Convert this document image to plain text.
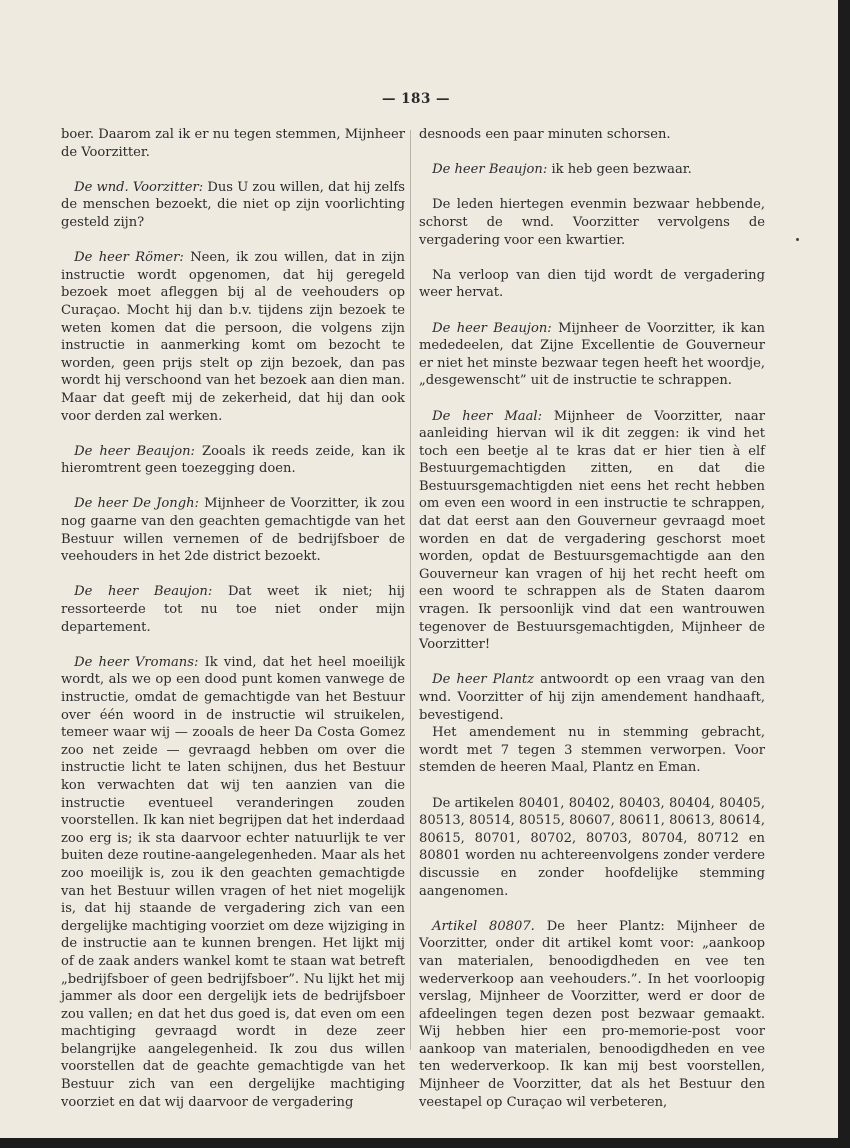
— 183 —

boer. Daarom zal ik er nu tegen stemmen, Mijnheer de Voorzitter.

 De wnd. Voorzitter: Dus U zou willen, dat hij zelfs de menschen bezoekt, die niet op zijn voorlichting gesteld zijn?

 De heer Römer: Neen, ik zou willen, dat in zijn instructie wordt opgenomen, dat hij geregeld bezoek moet afleggen bij al de veehouders op Curaçao. Mocht hij dan b.v. tijdens zijn bezoek te weten komen dat die persoon, die volgens zijn instructie in aanmerking komt om bezocht te worden, geen prijs stelt op zijn bezoek, dan pas wordt hij verschoond van het bezoek aan dien man. Maar dat geeft mij de zekerheid, dat hij dan ook voor derden zal werken.

 De heer Beaujon: Zooals ik reeds zeide, kan ik hieromtrent geen toezegging doen.

 De heer De Jongh: Mijnheer de Voorzitter, ik zou nog gaarne van den geachten gemachtigde van het Bestuur willen vernemen of de bedrijfsboer de veehouders in het 2de district bezoekt.

 De heer Beaujon: Dat weet ik niet; hij ressorteerde tot nu toe niet onder mijn departement.

 De heer Vromans: Ik vind, dat het heel moeilijk wordt, als we op een dood punt komen vanwege de instructie, omdat de gemachtigde van het Bestuur over één woord in de instructie wil struikelen, temeer waar wij — zooals de heer Da Costa Gomez zoo net zeide — gevraagd hebben om over die instructie licht te laten schijnen, dus het Bestuur kon verwachten dat wij ten aanzien van die instructie eventueel veranderingen zouden voorstellen. Ik kan niet begrijpen dat het inderdaad zoo erg is; ik sta daarvoor echter natuurlijk te ver buiten deze routine-aangelegenheden. Maar als het zoo moeilijk is, zou ik den geachten gemachtigde van het Bestuur willen vragen of het niet mogelijk is, dat hij staande de vergadering zich van een dergelijke machtiging voorziet om deze wijziging in de instructie aan te kunnen brengen. Het lijkt mij of de zaak anders wankel komt te staan wat betreft „bedrijfsboer of geen bedrijfsboer”. Nu lijkt het mij jammer als door een dergelijk iets de bedrijfsboer zou vallen; en dat het dus goed is, dat even om een machtiging gevraagd wordt in deze zeer belangrijke aangelegenheid. Ik zou dus willen voorstellen dat de geachte gemachtigde van het Bestuur zich van een dergelijke machtiging voorziet en dat wij daarvoor de vergadering

desnoods een paar minuten schorsen.

 De heer Beaujon: ik heb geen bezwaar.

 De leden hiertegen evenmin bezwaar hebbende, schorst de wnd. Voorzitter vervolgens de vergadering voor een kwartier.

 Na verloop van dien tijd wordt de vergadering weer hervat.

 De heer Beaujon: Mijnheer de Voorzitter, ik kan mededeelen, dat Zijne Excellentie de Gouverneur er niet het minste bezwaar tegen heeft het woordje, „desgewenscht” uit de instructie te schrappen.

 De heer Maal: Mijnheer de Voorzitter, naar aanleiding hiervan wil ik dit zeggen: ik vind het toch een beetje al te kras dat er hier tien à elf Bestuurgemachtigden zitten, en dat die Bestuursgemachtigden niet eens het recht hebben om even een woord in een instructie te schrappen, dat dat eerst aan den Gouverneur gevraagd moet worden en dat de vergadering geschorst moet worden, opdat de Bestuursgemachtigde aan den Gouverneur kan vragen of hij het recht heeft om een woord te schrappen als de Staten daarom vragen. Ik persoonlijk vind dat een wantrouwen tegenover de Bestuursgemachtigden, Mijnheer de Voorzitter!

 De heer Plantz antwoordt op een vraag van den wnd. Voorzitter of hij zijn amendement handhaaft, bevestigend.

 Het amendement nu in stemming gebracht, wordt met 7 tegen 3 stemmen verworpen. Voor stemden de heeren Maal, Plantz en Eman.

 De artikelen 80401, 80402, 80403, 80404, 80405, 80513, 80514, 80515, 80607, 80611, 80613, 80614, 80615, 80701, 80702, 80703, 80704, 80712 en 80801 worden nu achtereenvolgens zonder verdere discussie en zonder hoofdelijke stemming aangenomen.

 Artikel 80807. De heer Plantz: Mijnheer de Voorzitter, onder dit artikel komt voor: „aankoop van materialen, benoodigdheden en vee ten wederverkoop aan veehouders.”. In het voorloopig verslag, Mijnheer de Voorzitter, werd er door de afdeelingen tegen dezen post bezwaar gemaakt. Wij hebben hier een pro-memorie-post voor aankoop van materialen, benoodigdheden en vee ten wederverkoop. Ik kan mij best voorstellen, Mijnheer de Voorzitter, dat als het Bestuur den veestapel op Curaçao wil verbeteren,
